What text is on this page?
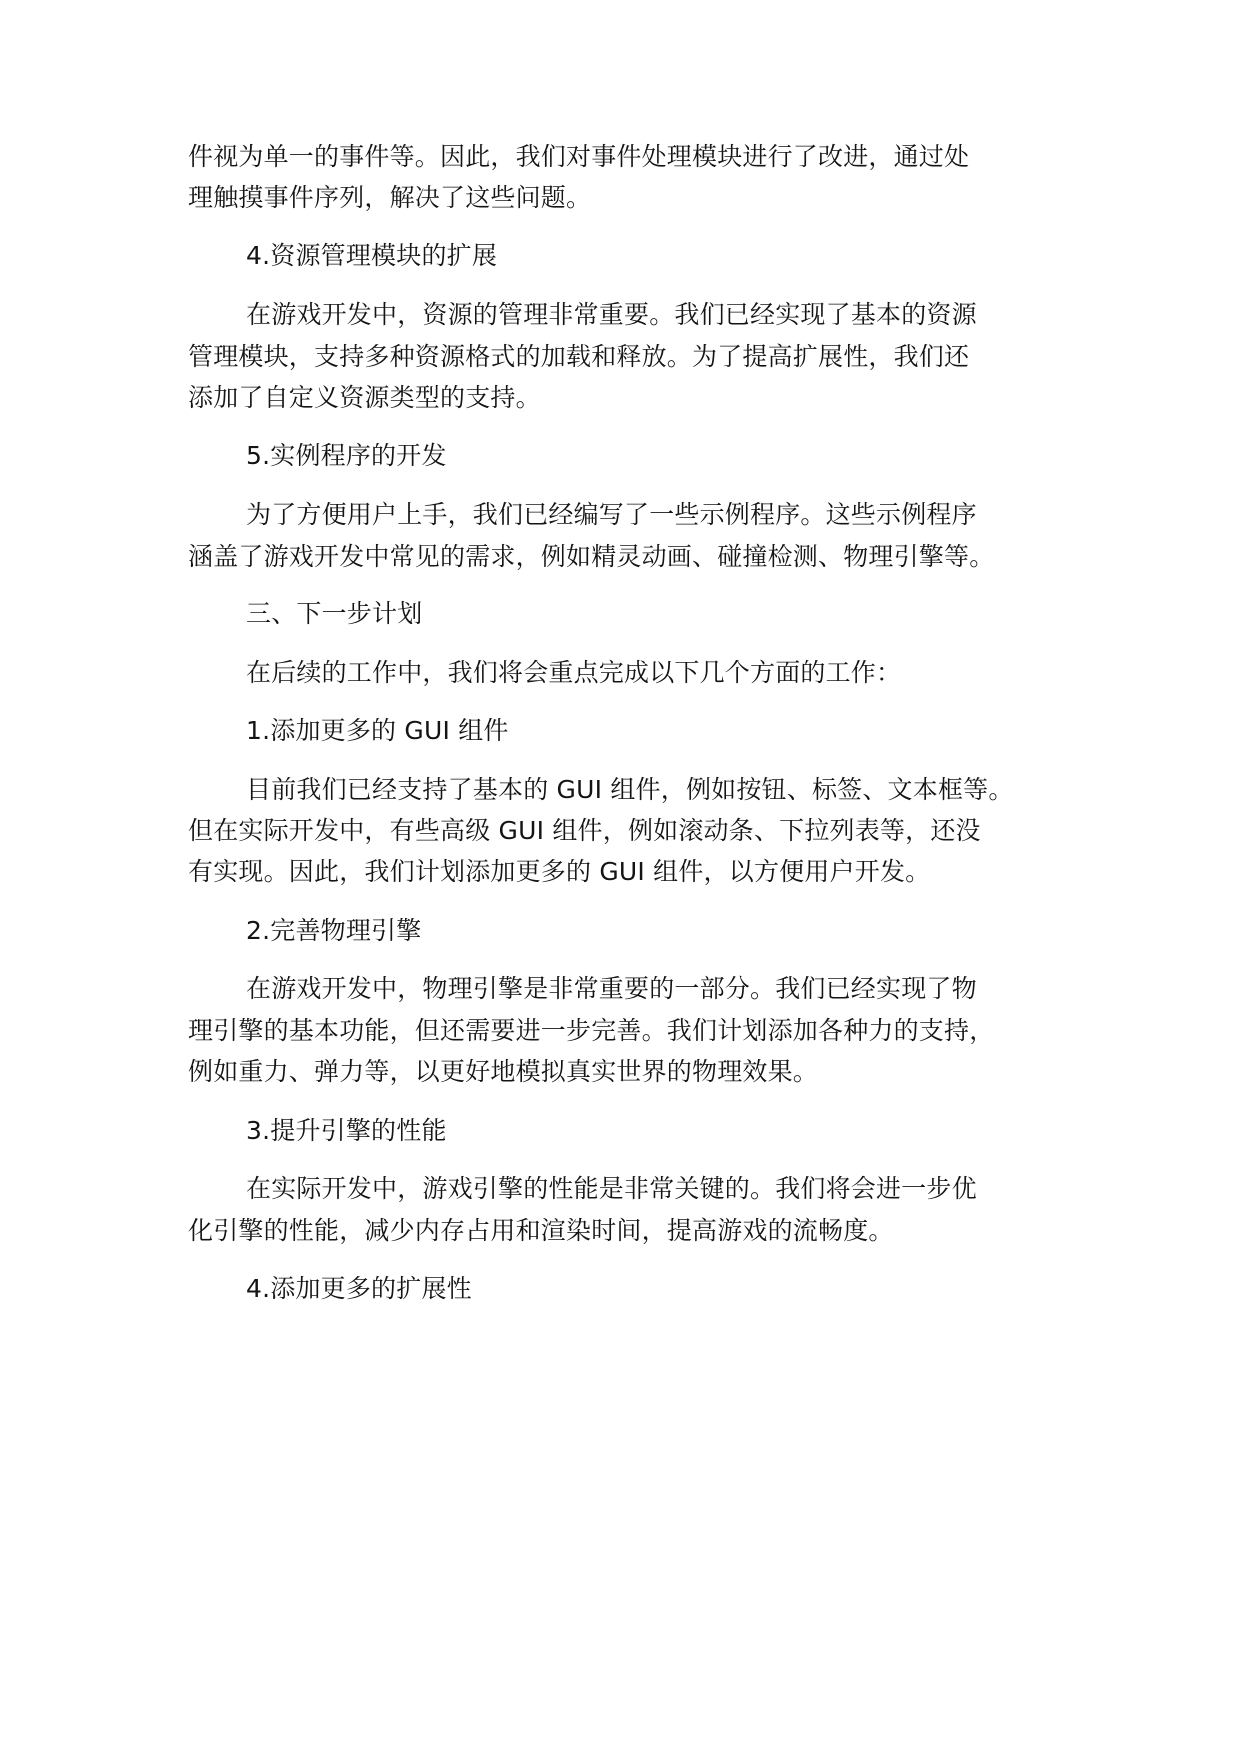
件视为单一的事件等。因此，我们对事件处理模块进行了改进，通过处
理触摸事件序列，解决了这些问题。
4.资源管理模块的扩展
在游戏开发中，资源的管理非常重要。我们已经实现了基本的资源
管理模块，支持多种资源格式的加载和释放。为了提高扩展性，我们还
添加了自定义资源类型的支持。
5.实例程序的开发
为了方便用户上手，我们已经编写了一些示例程序。这些示例程序
涵盖了游戏开发中常见的需求，例如精灵动画、碰撞检测、物理引擎等。
三、下一步计划
在后续的工作中，我们将会重点完成以下几个方面的工作：
1.添加更多的 GUI 组件
目前我们已经支持了基本的 GUI 组件，例如按钮、标签、文本框等。
但在实际开发中，有些高级 GUI 组件，例如滚动条、下拉列表等，还没
有实现。因此，我们计划添加更多的 GUI 组件，以方便用户开发。
2.完善物理引擎
在游戏开发中，物理引擎是非常重要的一部分。我们已经实现了物
理引擎的基本功能，但还需要进一步完善。我们计划添加各种力的支持，
例如重力、弹力等，以更好地模拟真实世界的物理效果。
3.提升引擎的性能
在实际开发中，游戏引擎的性能是非常关键的。我们将会进一步优
化引擎的性能，减少内存占用和渲染时间，提高游戏的流畅度。
4.添加更多的扩展性
